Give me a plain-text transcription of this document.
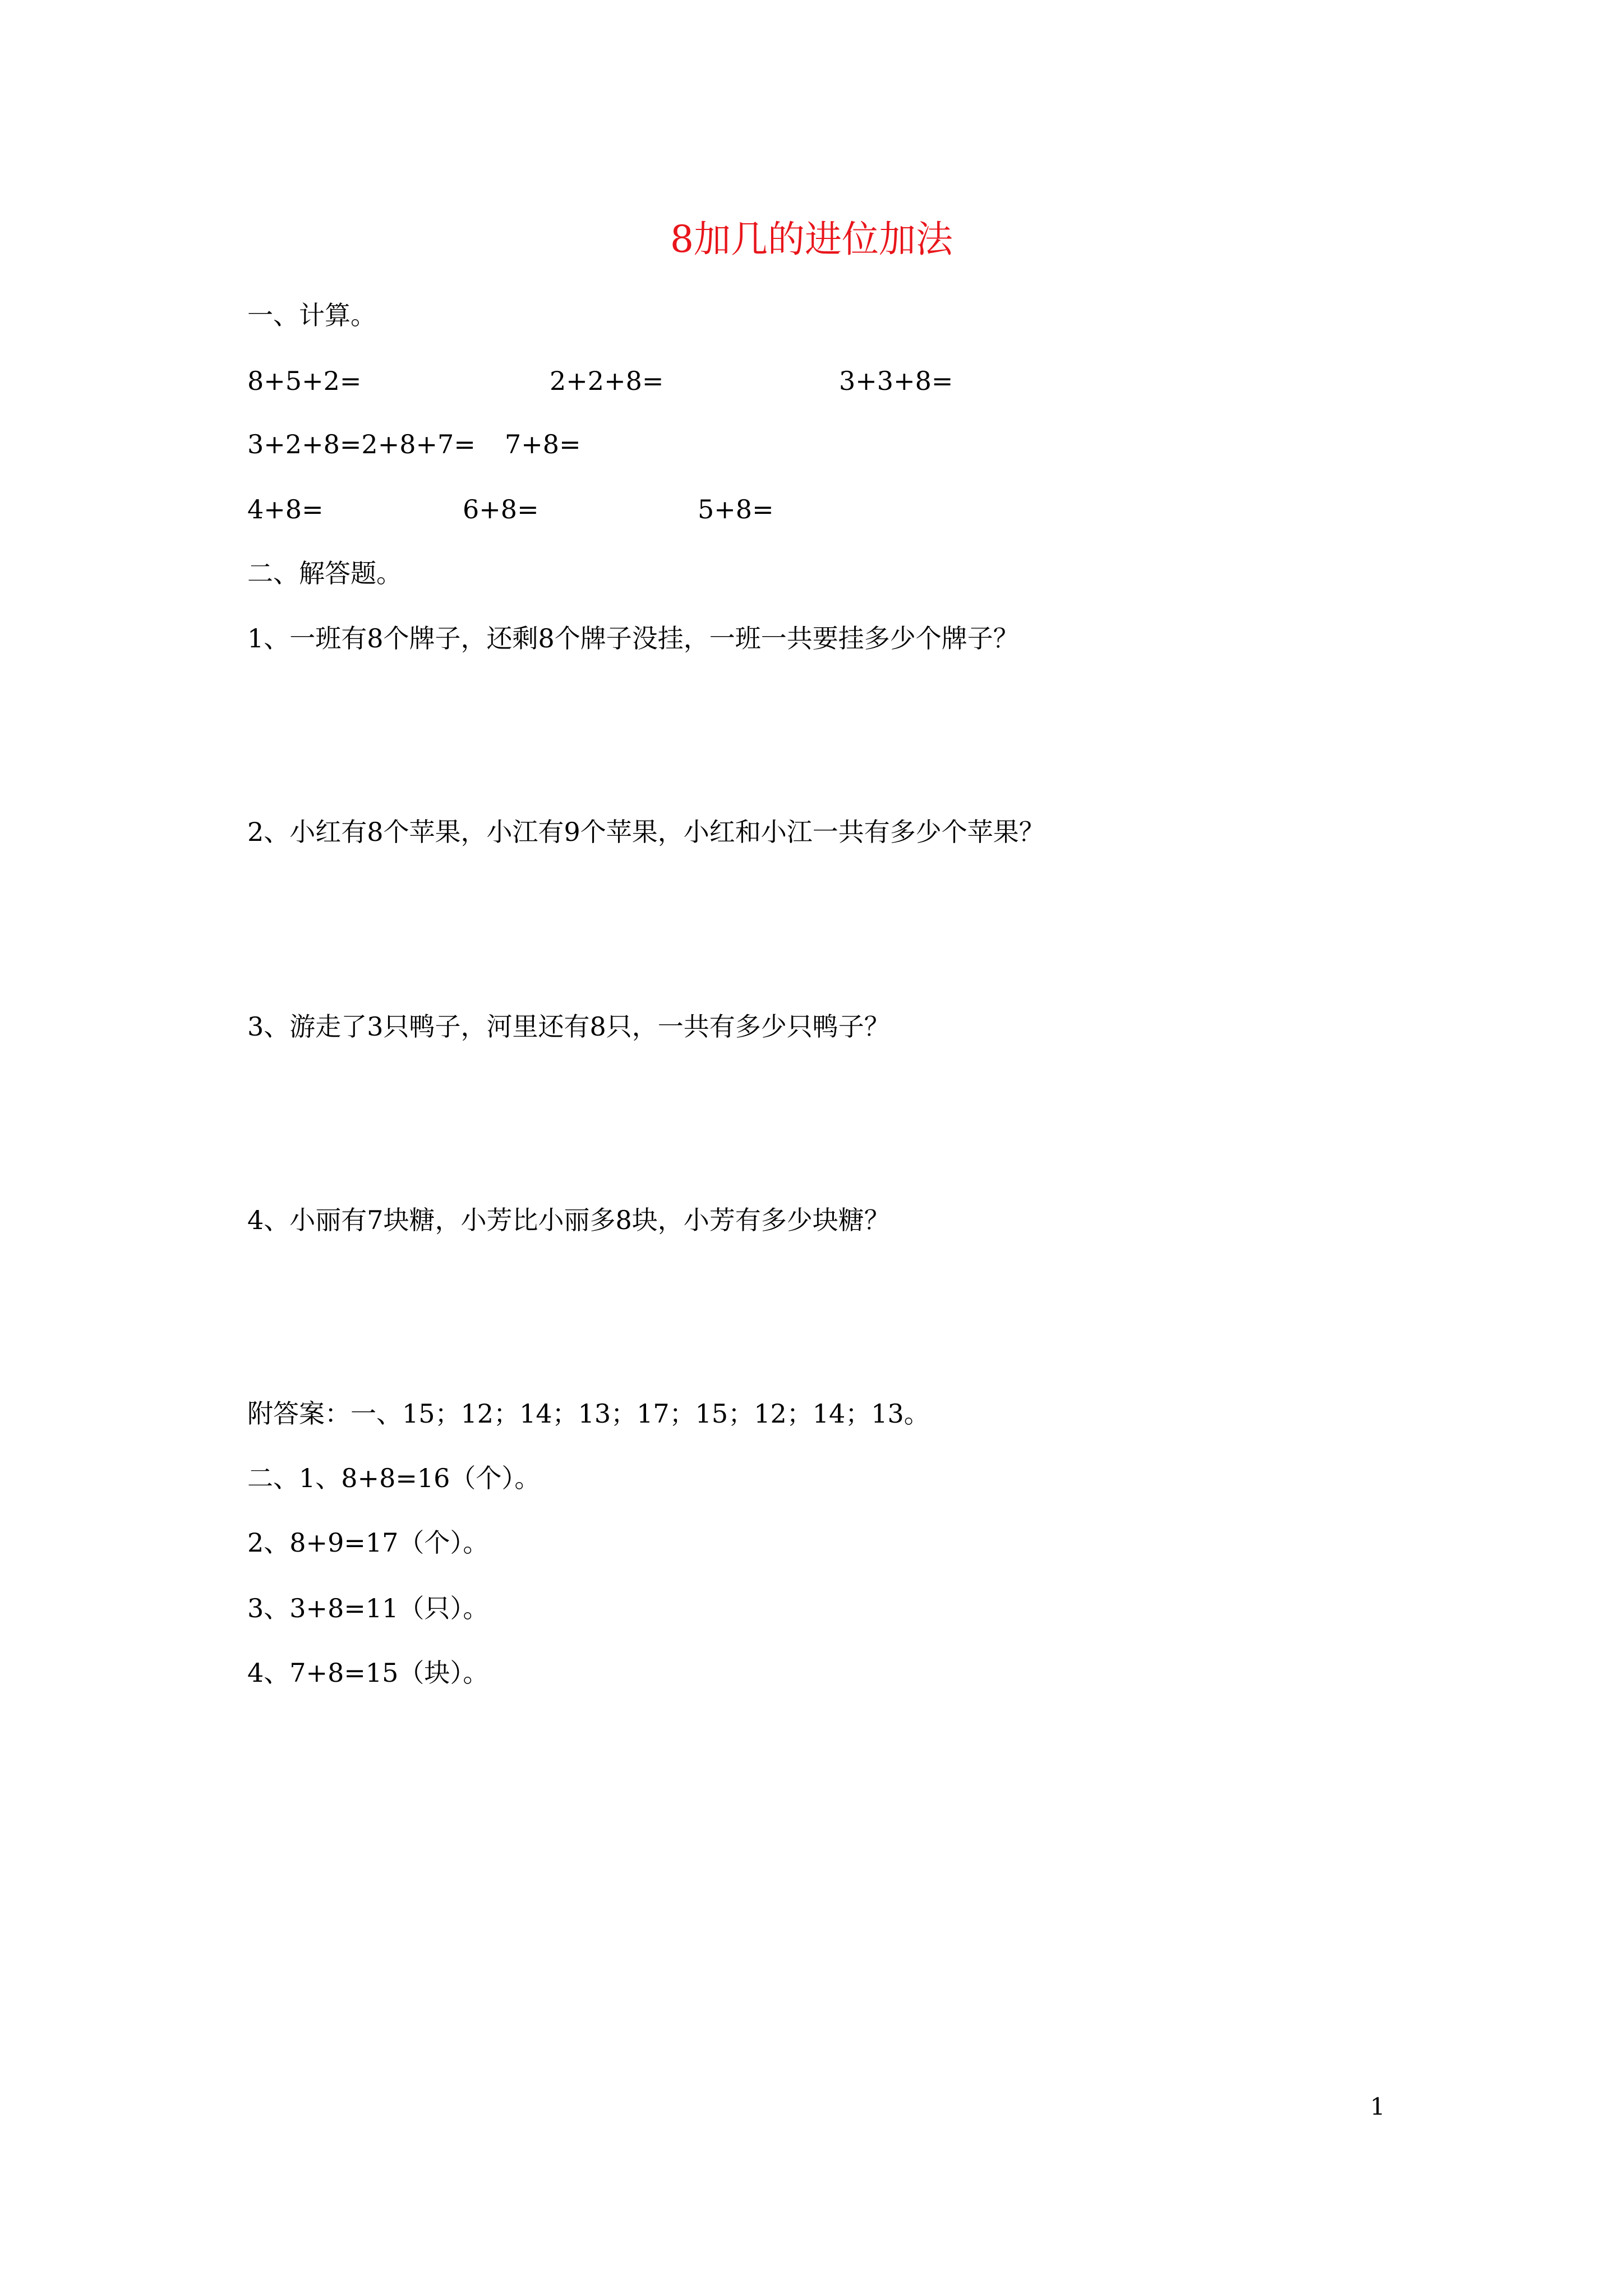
8加几的进位加法
一、计算。
8+5+2=	2+2+8=	3+3+8=
3+2+8=2+8+7= 7+8=
4+8=	6+8=	5+8=
二、解答题。
1、一班有8个牌子，还剩8个牌子没挂，一班一共要挂多少个牌子？
2、小红有8个苹果，小江有9个苹果，小红和小江一共有多少个苹果？
3、游走了3只鸭子，河里还有8只，一共有多少只鸭子？
4、小丽有7块糖，小芳比小丽多8块，小芳有多少块糖？
附答案：一、15；12；14；13；17；15；12；14；13。
二、1、8+8=16（个）。
2、8+9=17（个）。
3、3+8=11（只）。
4、7+8=15（块）。
1
